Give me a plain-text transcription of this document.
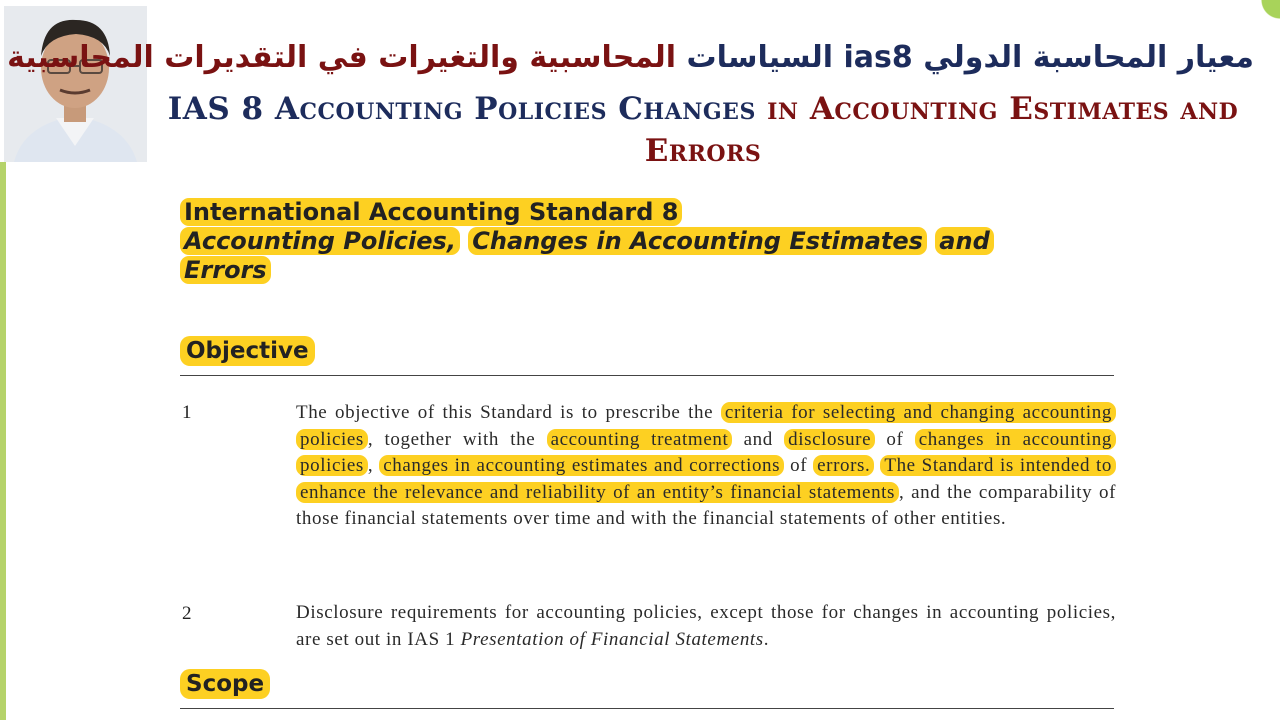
معيار المحاسبة الدولي ias8 السياسات المحاسبية والتغيرات في التقديرات المحاسبية
IAS 8 Accounting Policies Changes in Accounting Estimates and Errors
International Accounting Standard 8
Accounting Policies, Changes in Accounting Estimates and
Errors
Objective
1	The objective of this Standard is to prescribe the criteria for selecting and changing accounting policies , together with the accounting treatment and disclosure of changes in accounting policies , changes in accounting estimates and corrections of errors. The Standard is intended to enhance the relevance and reliability of an entity’s financial statements , and the comparability of those financial statements over time and with the financial statements of other entities.
2	Disclosure requirements for accounting policies, except those for changes in accounting policies, are set out in IAS 1 Presentation of Financial Statements.
Scope
